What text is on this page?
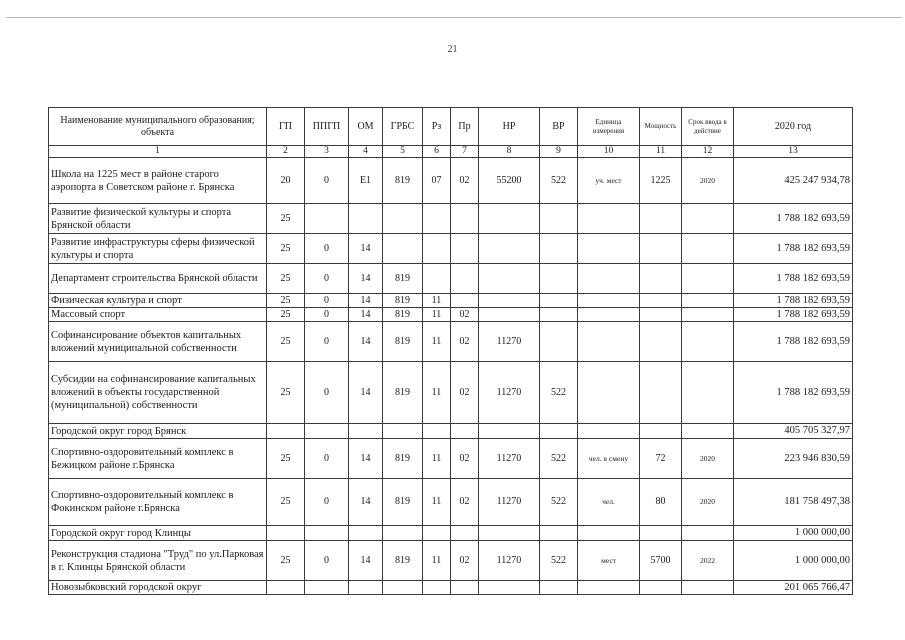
21
Наименование муниципального образования; объекта	ГП	ППГП	ОМ	ГРБС	Рз	Пр	НР	ВР	Единица измерения	Мощность	Срок ввода в действие	2020 год
1	2	3	4	5	6	7	8	9	10	11	12	13
Школа на 1225 мест в районе старого аэропорта в Советском районе г. Брянска	20	0	Е1	819	07	02	55200	522	уч. мест	1225	2020	425 247 934,78
Развитие физической культуры и спорта Брянской области	25											1 788 182 693,59
Развитие инфраструктуры сферы физической культуры и спорта	25	0	14									1 788 182 693,59
Департамент строительства Брянской области	25	0	14	819								1 788 182 693,59
Физическая культура и спорт	25	0	14	819	11							1 788 182 693,59
Массовый спорт	25	0	14	819	11	02						1 788 182 693,59
Софинансирование объектов капитальных вложений муниципальной собственности	25	0	14	819	11	02	11270					1 788 182 693,59
Субсидии на софинансирование капитальных вложений в объекты государственной (муниципальной) собственности	25	0	14	819	11	02	11270	522				1 788 182 693,59
Городской округ город Брянск												405 705 327,97
Спортивно-оздоровительный комплекс в Бежицком районе г.Брянска	25	0	14	819	11	02	11270	522	чел. в смену	72	2020	223 946 830,59
Спортивно-оздоровительный комплекс в Фокинском районе г.Брянска	25	0	14	819	11	02	11270	522	чел.	80	2020	181 758 497,38
Городской округ город Клинцы												1 000 000,00
Реконструкция стадиона "Труд" по ул.Парковая в г. Клинцы Брянской области	25	0	14	819	11	02	11270	522	мест	5700	2022	1 000 000,00
Новозыбковский городской округ												201 065 766,47
